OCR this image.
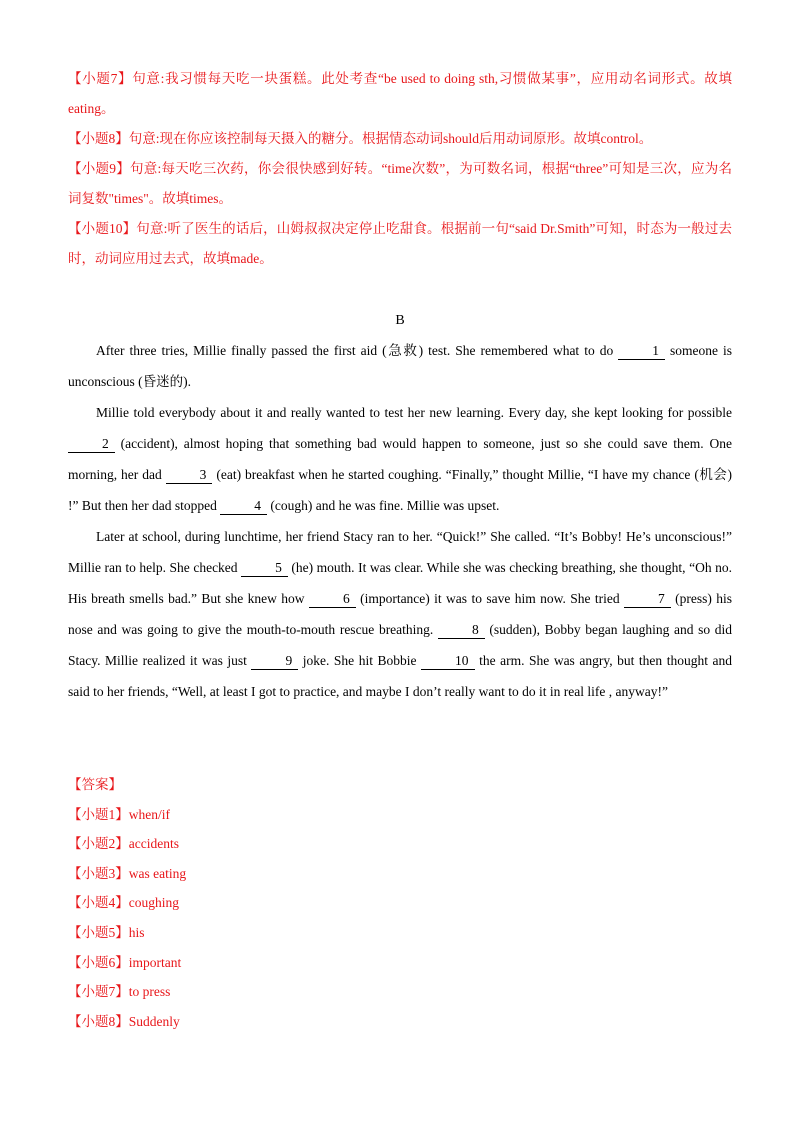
【小题7】句意:我习惯每天吃一块蛋糕。此处考查“be used to doing sth,习惯做某事”，应用动名词形式。故填eating。

【小题8】句意:现在你应该控制每天摄入的糖分。根据情态动词should后用动词原形。故填control。

【小题9】句意:每天吃三次药，你会很快感到好转。“time次数”，为可数名词，根据“three”可知是三次，应为名词复数"times"。故填times。

【小题10】句意:听了医生的话后，山姆叔叔决定停止吃甜食。根据前一句“said Dr.Smith”可知，时态为一般过去时，动词应用过去式，故填made。

B

After three tries, Millie finally passed the first aid (急救) test. She remembered what to do	1 someone is unconscious (昏迷的).

Millie told everybody about it and really wanted to test her new learning. Every day, she kept looking for possible 2 (accident), almost hoping that something bad would happen to someone, just so she could save them. One morning, her dad	3 (eat) breakfast when he started coughing. “Finally,” thought Millie, “I have my chance (机会) !” But then her dad stopped	4 (cough) and he was fine. Millie was upset.

Later at school, during lunchtime, her friend Stacy ran to her. “Quick!” She called. “It’s Bobby! He’s unconscious!” Millie ran to help. She checked	5 (he) mouth. It was clear. While she was checking breathing, she thought, “Oh no. His breath smells bad.” But she knew how	6 (importance) it was to save him now. She tried	7 (press) his nose and was going to give the mouth-to-mouth rescue breathing.	8 (sudden), Bobby began laughing and so did Stacy. Millie realized it was just	9 joke. She hit Bobbie	10 the arm. She was angry, but then thought and said to her friends, “Well, at least I got to practice, and maybe I don’t really want to do it in real life , anyway!”

【答案】
【小题1】when/if
【小题2】accidents
【小题3】was eating
【小题4】coughing
【小题5】his
【小题6】important
【小题7】to press
【小题8】Suddenly
